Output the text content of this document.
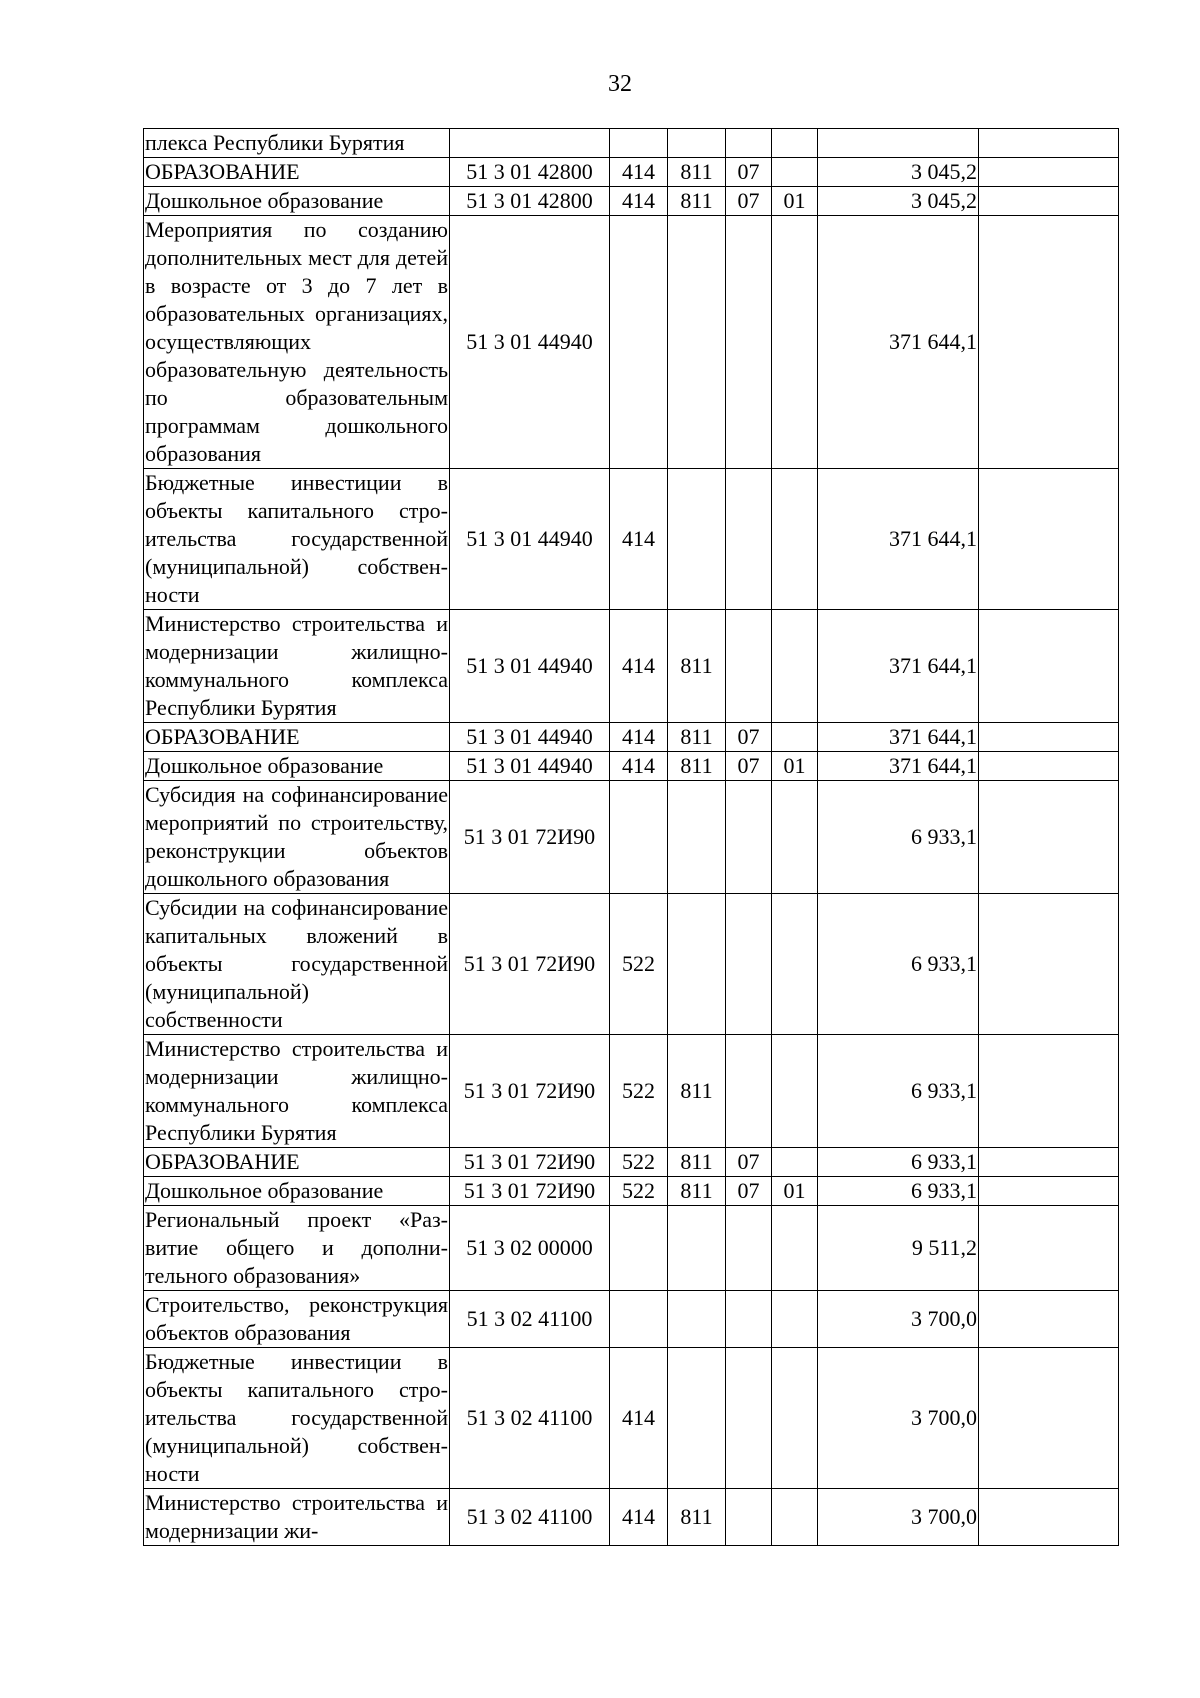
32
плекса Республики Бурятия							
ОБРАЗОВАНИЕ	51 3 01 42800	414	811	07		3 045,2	
Дошкольное образование	51 3 01 42800	414	811	07	01	3 045,2	
Мероприятия по созданию дополнительных мест для детей в возрасте от 3 до 7 лет в образовательных организациях, осуществляющих образовательную деятельность по образовательным программам дошкольного образования	51 3 01 44940					371 644,1	
Бюджетные инвестиции в объекты капитального строительства государственной (муниципальной) собственности	51 3 01 44940	414				371 644,1	
Министерство строительства и модернизации жилищно-коммунального комплекса Республики Бурятия	51 3 01 44940	414	811			371 644,1	
ОБРАЗОВАНИЕ	51 3 01 44940	414	811	07		371 644,1	
Дошкольное образование	51 3 01 44940	414	811	07	01	371 644,1	
Субсидия на софинансирование мероприятий по строительству, реконструкции объектов дошкольного образования	51 3 01 72И90					6 933,1	
Субсидии на софинансирование капитальных вложений в объекты государственной (муниципальной) собственности	51 3 01 72И90	522				6 933,1	
Министерство строительства и модернизации жилищно-коммунального комплекса Республики Бурятия	51 3 01 72И90	522	811			6 933,1	
ОБРАЗОВАНИЕ	51 3 01 72И90	522	811	07		6 933,1	
Дошкольное образование	51 3 01 72И90	522	811	07	01	6 933,1	
Региональный проект «Развитие общего и дополнительного образования»	51 3 02 00000					9 511,2	
Строительство, реконструкция объектов образования	51 3 02 41100					3 700,0	
Бюджетные инвестиции в объекты капитального строительства государственной (муниципальной) собственности	51 3 02 41100	414				3 700,0	
Министерство строительства и модернизации жи-	51 3 02 41100	414	811			3 700,0	
